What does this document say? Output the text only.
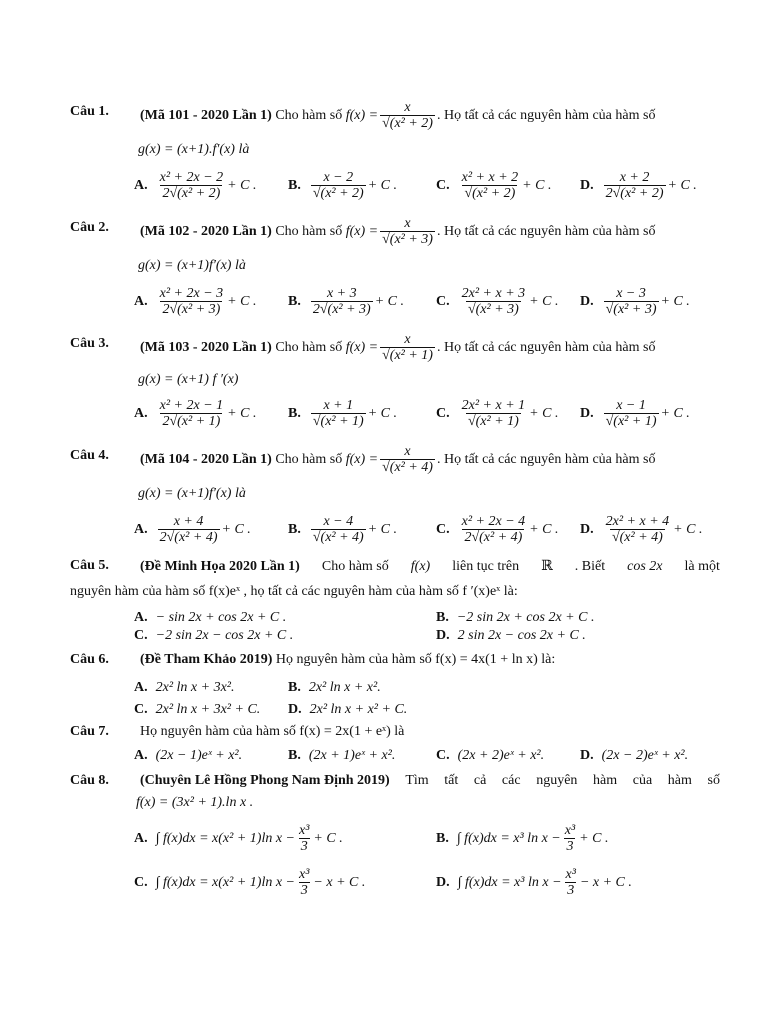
Câu 1. (Mã 101 - 2020 Lần 1)
Cho hàm số
$f(x) = \frac{x}{\text{√(x² + 2)}}$ . Họ tất cả các nguyên hàm của hàm số
g(x) = (x+1).f′(x) là
A. $\frac{\text{x² + 2x − 2}}{\text{2√(x² + 2)}} + C$ . B. $\frac{x - 2}{\text{√(x² + 2)}} + C$ .	C. $\frac{\text{x² + x + 2}}{\text{√(x² + 2)}} + C$ . D. $\frac{x + 2}{\text{2√(x² + 2)}} + C$ .
Câu 2. (Mã 102 - 2020 Lần 1)
Cho hàm số
$f(x) = \frac{x}{\text{√(x² + 3)}}$ . Họ tất cả các nguyên hàm của hàm số
g(x) = (x+1)f′(x) là
A. $\frac{\text{x² + 2x − 3}}{\text{2√(x² + 3)}} + C$ . B. $\frac{x + 3}{\text{2√(x² + 3)}} + C$ . C. $\frac{\text{2x² + x + 3}}{\text{√(x² + 3)}} + C$ . D. $\frac{x - 3}{\text{√(x² + 3)}} + C$ .
Câu 3. (Mã 103 - 2020 Lần 1)
Cho hàm số
$f(x) = \frac{x}{\text{√(x² + 1)}}$ . Họ tất cả các nguyên hàm của hàm số
g(x) = (x+1) f ′(x)
A. $\frac{\text{x² + 2x − 1}}{\text{2√(x² + 1)}} + C$ . B. $\frac{x + 1}{\text{√(x² + 1)}} + C$ .	C. $\frac{\text{2x² + x + 1}}{\text{√(x² + 1)}} + C$ . D. $\frac{x - 1}{\text{√(x² + 1)}} + C$ .
Câu 4. (Mã 104 - 2020 Lần 1)
Cho hàm số
$f(x) = \frac{x}{\text{√(x² + 4)}}$ . Họ tất cả các nguyên hàm của hàm số
g(x) = (x+1)f′(x) là
A. $\frac{x + 4}{\text{2√(x² + 4)}} + C$ .	B. $\frac{x - 4}{\text{√(x² + 4)}} + C$ .	C. $\frac{\text{x² + 2x − 4}}{\text{2√(x² + 4)}} + C$ . D. $\frac{\text{2x² + x + 4}}{\text{√(x² + 4)}} + C$ .
Câu 5. (Đề Minh Họa 2020 Lần 1) Cho hàm số f(x) liên tục trên ℝ . Biết cos 2x là một
nguyên hàm của hàm số f(x)eˣ , họ tất cả các nguyên hàm của hàm số f ′(x)eˣ là:
A. − sin 2x + cos 2x + C .	B. −2 sin 2x + cos 2x + C .
C. −2 sin 2x − cos 2x + C .	D. 2 sin 2x − cos 2x + C .
Câu 6. (Đề Tham Khảo 2019)
Họ nguyên hàm của hàm số f(x) = 4x(1 + ln x) là:
A. 2x² ln x + 3x².	B. 2x² ln x + x².
C. 2x² ln x + 3x² + C. D. 2x² ln x + x² + C.
Câu 7. Họ nguyên hàm của hàm số f(x) = 2x(1 + eˣ) là
A. (2x − 1)eˣ + x².	B. (2x + 1)eˣ + x².	C. (2x + 2)eˣ + x².	D. (2x − 2)eˣ + x².
Câu 8. (Chuyên Lê Hồng Phong Nam Định 2019) Tìm tất cả các nguyên hàm của hàm số
f(x) = (3x² + 1).ln x .
A. ∫ f(x)dx = x(x² + 1)ln $x - \frac{\text{x³}}{3} + C$ .	B. ∫ f(x)dx = x³ $\ln x - \frac{\text{x³}}{3} + C$ .
C. ∫ f(x)dx = x(x² + 1)ln $x - \frac{\text{x³}}{3} - x + C$ .	D. ∫ f(x)dx = x³ $\ln x - \frac{\text{x³}}{3} - x + C$ .
